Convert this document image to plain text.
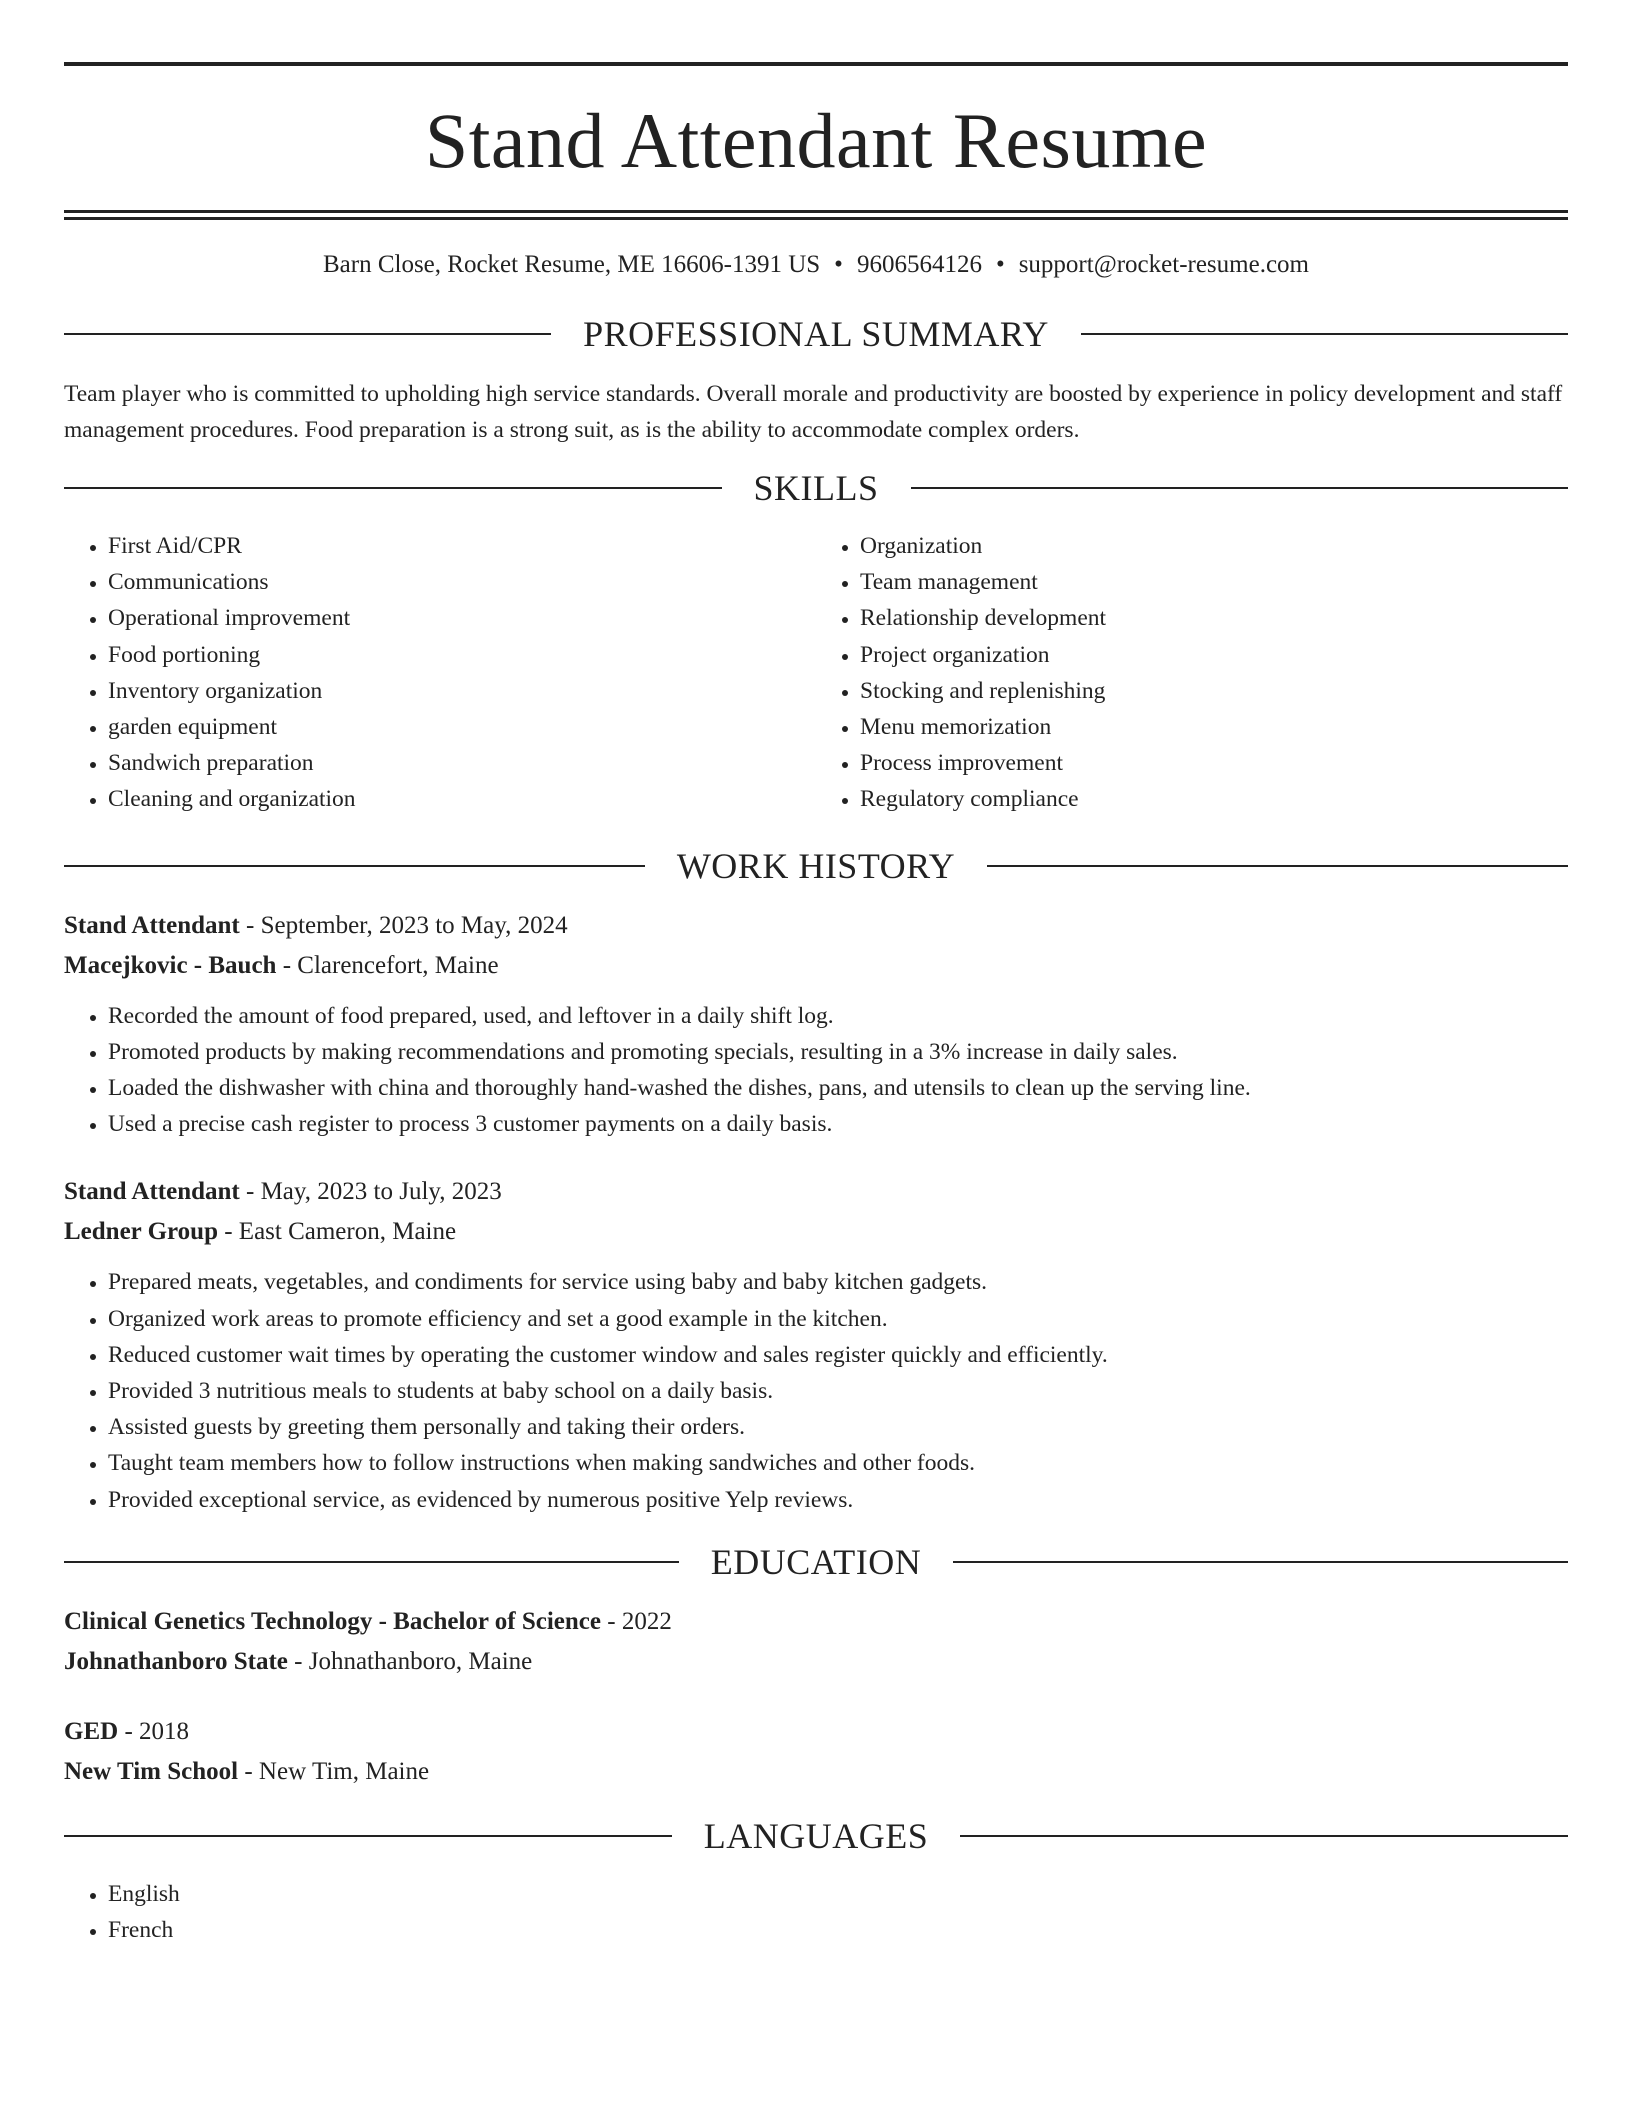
Stand Attendant Resume
Barn Close, Rocket Resume, ME 16606-1391 US • 9606564126 • support@rocket-resume.com
PROFESSIONAL SUMMARY

Team player who is committed to upholding high service standards. Overall morale and productivity are boosted by experience in policy development and staff management procedures. Food preparation is a strong suit, as is the ability to accommodate complex orders.

SKILLS
• First Aid/CPR
• Communications
• Operational improvement
• Food portioning
• Inventory organization
• garden equipment
• Sandwich preparation
• Cleaning and organization
• Organization
• Team management
• Relationship development
• Project organization
• Stocking and replenishing
• Menu memorization
• Process improvement
• Regulatory compliance
WORK HISTORY
Stand Attendant - September, 2023 to May, 2024
Macejkovic - Bauch - Clarencefort, Maine
• Recorded the amount of food prepared, used, and leftover in a daily shift log.
• Promoted products by making recommendations and promoting specials, resulting in a 3% increase in daily sales.
• Loaded the dishwasher with china and thoroughly hand-washed the dishes, pans, and utensils to clean up the serving line.
• Used a precise cash register to process 3 customer payments on a daily basis.
Stand Attendant - May, 2023 to July, 2023
Ledner Group - East Cameron, Maine
• Prepared meats, vegetables, and condiments for service using baby and baby kitchen gadgets.
• Organized work areas to promote efficiency and set a good example in the kitchen.
• Reduced customer wait times by operating the customer window and sales register quickly and efficiently.
• Provided 3 nutritious meals to students at baby school on a daily basis.
• Assisted guests by greeting them personally and taking their orders.
• Taught team members how to follow instructions when making sandwiches and other foods.
• Provided exceptional service, as evidenced by numerous positive Yelp reviews.
EDUCATION
Clinical Genetics Technology - Bachelor of Science - 2022
Johnathanboro State - Johnathanboro, Maine
GED - 2018
New Tim School - New Tim, Maine
LANGUAGES
• English
• French
